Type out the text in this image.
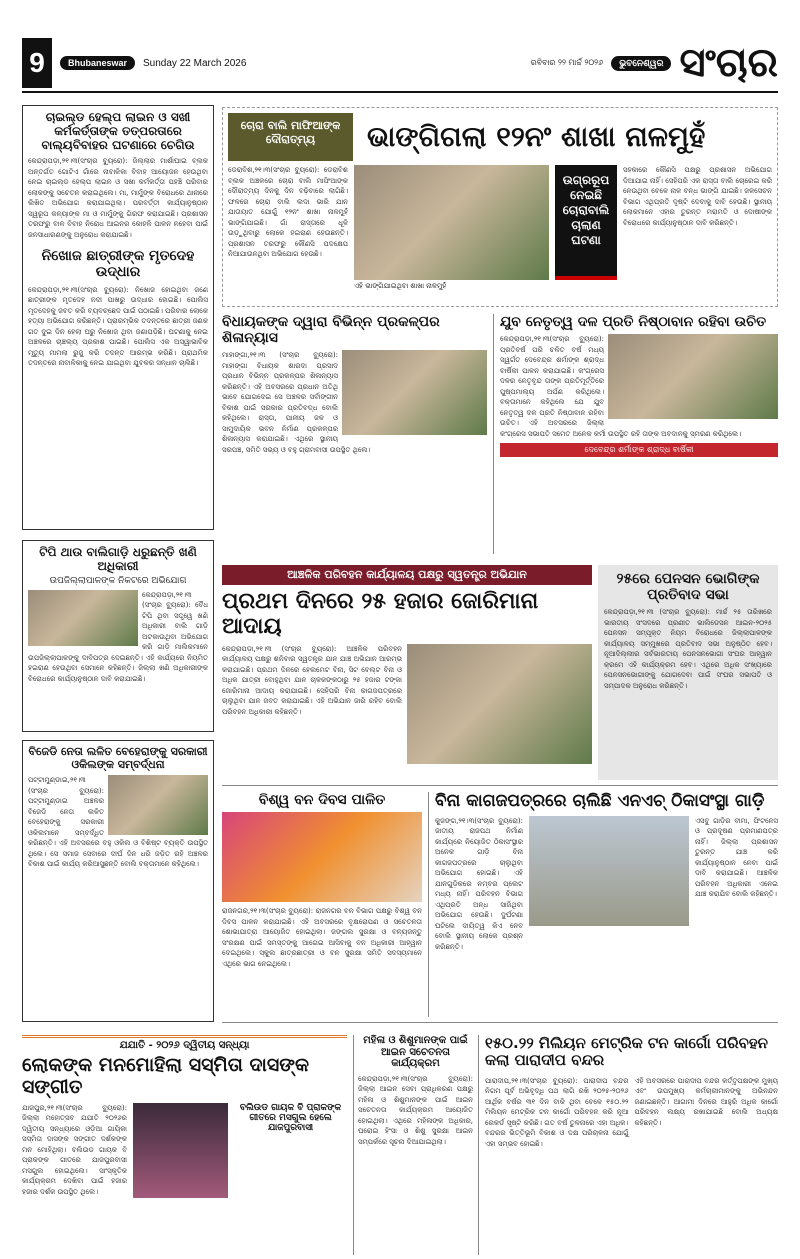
9	Bhubaneswar	Sunday 22 March 2026	ରବିବାର ୨୨ ମାର୍ଚ୍ଚ ୨୦୨୬	ଭୁବନେଶ୍ୱର ସଂଚାର
ଚାଇଲ୍ଡ ହେଲ୍ପ ଲାଇନ ଓ ସଖୀ କର୍ମକର୍ତ୍ତାଙ୍କ ତତ୍ପରତାରେ ବାଲ୍ୟବିବାହର ଘଟଣାରେ ଚେଗିଉ

କେନ୍ଦ୍ରାପଡ଼ା,୨୧।୩(ସଂଚାର ବ୍ୟୁରୋ): ଜିଲ୍ଲାର ମାର୍ଶାଘାଇ ବ୍ଲକ ଅନ୍ତର୍ଗତ ଗୋଟିଏ ଗାଁରେ ନାବାଳିକା ବିବାହ ଆୟୋଜନ ହେଉଥିବା ନେଇ ଚାଇଲ୍ଡ ହେଲ୍ପ ଲାଇନ ଓ ସଖୀ କର୍ମକର୍ତ୍ତା ପହଞ୍ଚି ପରିବାର ଲୋକଙ୍କୁ ସଚେତନ କରାଇଥିଲେ। ମା, ମାମୁଁଙ୍କ ବିରୋଧରେ ଥାନାରେ ଲିଖିତ ଅଭିଯୋଗ କରାଯାଇଥିଲା। ପରବର୍ତ୍ତୀ କାର୍ଯ୍ୟାନୁଷ୍ଠାନ ସ୍ୱରୂପ କନ୍ୟାଙ୍କ ମା ଓ ମାମୁଁଙ୍କୁ ଗିରଫ କରାଯାଇଛି। ପ୍ରଶାସନ ତରଫରୁ ବାଳ ବିବାହ ନିରୋଧ ଆଇନର କୋହଳି ପାଳନ ନହେବା ପାଇଁ ଜନସାଧାରଣଙ୍କୁ ଅନୁରୋଧ କରାଯାଇଛି।

ନିଖୋଜ ଛାତ୍ରୀଙ୍କ ମୃତଦେହ ଉଦ୍ଧାର

କେନ୍ଦ୍ରାପଡ଼ା,୨୧।୩(ସଂଚାର ବ୍ୟୁରୋ): ନିଖୋଜ ହୋଇଥିବା ଜଣେ ଛାତ୍ରୀଙ୍କ ମୃତଦେହ ନଦୀ ପାଖରୁ ଉଦ୍ଧାର ହୋଇଛି। ପୋଲିସ ମୃତଦେହକୁ ଜବତ କରି ବ୍ୟବଚ୍ଛେଦ ପାଇଁ ପଠାଇଛି। ପରିବାର ଲୋକେ ହତ୍ୟା ଅଭିଯୋଗ କରିଛନ୍ତି। ପ୍ରାରମ୍ଭିକ ତଦନ୍ତରେ ଛାତ୍ରୀ ଜଣକ ଗତ ଦୁଇ ଦିନ ହେଲା ଘରୁ ନିଖୋଜ ଥିବା ଜଣାପଡ଼ିଛି। ଘଟଣାକୁ ନେଇ ଅଞ୍ଚଳରେ ଚାଞ୍ଚଲ୍ୟ ପ୍ରକାଶ ପାଇଛି। ପୋଲିସ ଏକ ଅସ୍ୱାଭାବିକ ମୃତ୍ୟୁ ମାମଲା ରୁଜୁ କରି ତଦନ୍ତ ଆରମ୍ଭ କରିଛି। ପ୍ରାଥମିକ ତଦନ୍ତରେ ନାବାଳିକାକୁ ନେଇ ଯାଇଥିବା ଯୁବକର ସନ୍ଧାନ ଚାଲିଛି।

ଟିପି ଥାଉ ବାଲିଗାଡ଼ି ଧରୁଛନ୍ତି ଖଣି ଅଧିକାରୀ
ଉପଜିଲ୍ଲାପାଳଙ୍କ ନିକଟରେ ଅଭିଯୋଗ

କେନ୍ଦ୍ରାପଡ଼ା,୨୧।୩ (ସଂଚାର ବ୍ୟୁରୋ): ବୈଧ ଟିପି ଥିବା ସତ୍ତ୍ୱେ ଖଣି ଅଧିକାରୀ ବାଲି ଗାଡ଼ି ଅଟକାଉଥିବା ଅଭିଯୋଗ କରି ଗାଡ଼ି ମାଲିକମାନେ ଉପଜିଲ୍ଲାପାଳଙ୍କୁ ଦାବିପତ୍ର ଦେଇଛନ୍ତି। ଏହି କାର୍ଯ୍ୟରେ ନିୟମିତ ହଇରାଣ ହେଉଥିବା ସେମାନେ କହିଛନ୍ତି। ଜିଲ୍ଲା ଖଣି ଅଧିକାରୀଙ୍କ ବିରୋଧରେ କାର୍ଯ୍ୟାନୁଷ୍ଠାନ ଦାବି କରାଯାଇଛି।

ବିଜେଡି ନେତା ଲଳିତ ବେହେରାଙ୍କୁ ସରକାରୀ ଓକିଲଙ୍କ ସମ୍ବର୍ଦ୍ଧନା

ପଟ୍ଟାମୁଣ୍ଡାଇ,୨୧।୩ (ସଂଚାର ବ୍ୟୁରୋ): ପଟ୍ଟାମୁଣ୍ଡାଇ ଅଞ୍ଚଳର ବିଜେଡି ନେତା ଲଳିତ ବେହେରାଙ୍କୁ ସରକାରୀ ଓକିଲମାନେ ସମ୍ବର୍ଦ୍ଧିତ କରିଛନ୍ତି। ଏହି ଅବସରରେ ବହୁ ଓକିଲ ଓ ବିଶିଷ୍ଟ ବ୍ୟକ୍ତି ଉପସ୍ଥିତ ଥିଲେ। ସେ ସମାଜ ସେବାରେ ଦୀର୍ଘ ଦିନ ଧରି ଜଡ଼ିତ ରହି ଅଞ୍ଚଳର ବିକାଶ ପାଇଁ କାର୍ଯ୍ୟ କରିଆସୁଛନ୍ତି ବୋଲି ବକ୍ତାମାନେ କହିଥିଲେ।

ଚୋରା ବାଲି ମାଫିଆଙ୍କ ଦୌରାତ୍ମ୍ୟ	ଭାଙ୍ଗିଗଲା ୧୨ନଂ ଶାଖା ନାଳମୁହଁ

ଡେରାବିଶ,୨୧।୩(ସଂଚାର ବ୍ୟୁରୋ): ଡେରାବିଶ ବ୍ଲକ ଅଞ୍ଚଳରେ ଚୋରା ବାଲି ମାଫିଆଙ୍କ ଦୌରାତ୍ମ୍ୟ ଦିନକୁ ଦିନ ବଢ଼ିବାରେ ଲାଗିଛି। ଫଳରେ ଚୋରା ବାଲି ଲଦା ଭାରି ଯାନ ଯାତାୟାତ ଯୋଗୁଁ ୧୨ନଂ ଶାଖା ନାଳମୁହଁ ଭାଙ୍ଗିଯାଇଛି। ଗାଁ ରାସ୍ତାରେ ଧୂଳି ଉଡ଼ୁଥିବାରୁ ଲୋକେ ହଇରାଣ ହେଉଛନ୍ତି। ପ୍ରଶାସନ ତରଫରୁ କୌଣସି ପଦକ୍ଷେପ ନିଆଯାଉନଥିବା ଅଭିଯୋଗ ହେଉଛି।

ଏହି ଭାଙ୍ଗିଯାଇଥିବା ଶାଖା ନାଳମୁହଁ
ଉଗ୍ରରୂପ ନେଇଛି ଚୋରାବାଲି ଚାଲାଣ ଘଟଣା

ସହକାରେ କୌଣସି ପକ୍ଷରୁ ପ୍ରଶାସନ ଅଭିଯୋଗ ଦିଆଯାଇ ନାହିଁ। ସେହିପରି ଏକ ରାସ୍ତା ବାଲି ଚୋରେଇ କରି ନେଉଥିବା ବେଳେ ନାଳ ବନ୍ଧ ଭାଙ୍ଗି ଯାଇଛି। ଜଳସେଚନ ବିଭାଗ ଏଥିପ୍ରତି ଦୃଷ୍ଟି ଦେବାକୁ ଦାବି ହେଉଛି। ସ୍ଥାନୀୟ ଲୋକମାନେ ଏହାର ତୁରନ୍ତ ମରାମତି ଓ ଦୋଷୀଙ୍କ ବିରୋଧରେ କାର୍ଯ୍ୟାନୁଷ୍ଠାନ ଦାବି କରିଛନ୍ତି।

ବିଧାୟକଙ୍କ ଦ୍ୱାରା ବିଭିନ୍ନ ପ୍ରକଳ୍ପର ଶିଳାନ୍ୟାସ

ମାହାଙ୍ଗା,୨୧।୩ (ସଂଚାର ବ୍ୟୁରୋ): ମାହାଙ୍ଗା ବିଧାୟକ ଶାରଦା ପ୍ରସାଦ ପ୍ରଧାନ ବିଭିନ୍ନ ପ୍ରକଳ୍ପର ଶିଳାନ୍ୟାସ କରିଛନ୍ତି। ଏହି ଅବସରରେ ପ୍ରଧାନ ଅତିଥି ଭାବେ ଯୋଗଦେଇ ସେ ଅଞ୍ଚଳର ସର୍ବାଙ୍ଗୀନ ବିକାଶ ପାଇଁ ସରକାର ପ୍ରତିବଦ୍ଧ ବୋଲି କହିଥିଲେ। ରାସ୍ତା, ପାନୀୟ ଜଳ ଓ ସାମୁଦାୟିକ ଭବନ ନିର୍ମାଣ ପ୍ରକଳ୍ପର ଶିଳାନ୍ୟାସ କରାଯାଇଛି। ଏଥିରେ ସ୍ଥାନୀୟ ସରପଞ୍ଚ, ସମିତି ସଭ୍ୟ ଓ ବହୁ ଗ୍ରାମବାସୀ ଉପସ୍ଥିତ ଥିଲେ।

ଯୁବ ନେତୃତ୍ୱ ଦଳ ପ୍ରତି ନିଷ୍ଠାବାନ ରହିବା ଉଚିତ

କେନ୍ଦ୍ରାପଡ଼ା,୨୧।୩(ସଂଚାର ବ୍ୟୁରୋ): ପ୍ରତିବର୍ଷ ପରି ଚଳିତ ବର୍ଷ ମଧ୍ୟ ସ୍ୱର୍ଗତ ଦେବେନ୍ଦ୍ର ଶର୍ମାଙ୍କ ଶ୍ରାଦ୍ଧ ବାର୍ଷିକୀ ପାଳନ କରାଯାଇଛି। କଂଗ୍ରେସ ଦଳର ନେତୃବୃନ୍ଦ ତାଙ୍କ ପ୍ରତିମୂର୍ତ୍ତିରେ ପୁଷ୍ପମାଲ୍ୟ ଅର୍ପଣ କରିଥିଲେ। ବକ୍ତାମାନେ କହିଥିଲେ ଯେ ଯୁବ ନେତୃତ୍ୱ ଦଳ ପ୍ରତି ନିଷ୍ଠାବାନ ରହିବା ଉଚିତ। ଏହି ଅବସରରେ ଜିଲ୍ଲା କଂଗ୍ରେସ ସଭାପତି ସମେତ ଅନେକ କର୍ମୀ ଉପସ୍ଥିତ ରହି ତାଙ୍କ ଅବଦାନକୁ ସ୍ମରଣ କରିଥିଲେ।

ଦେବେନ୍ଦ୍ର ଶର୍ମାଙ୍କ ଶ୍ରାଦ୍ଧ ବାର୍ଷିକୀ
ଆଞ୍ଚଳିକ ପରିବହନ କାର୍ଯ୍ୟାଳୟ ପକ୍ଷରୁ ସ୍ୱତନ୍ତ୍ର ଅଭିଯାନ
ପ୍ରଥମ ଦିନରେ ୨୫ ହଜାର ଜୋରିମାନା ଆଦାୟ

କେନ୍ଦ୍ରାପଡ଼ା,୨୧।୩ (ସଂଚାର ବ୍ୟୁରୋ): ଆଞ୍ଚଳିକ ପରିବହନ କାର୍ଯ୍ୟାଳୟ ପକ୍ଷରୁ ଶନିବାର ସ୍ୱତନ୍ତ୍ର ଯାନ ଯାଞ୍ଚ ଅଭିଯାନ ଆରମ୍ଭ କରାଯାଇଛି। ପ୍ରଥମ ଦିନରେ ହେଲମେଟ ବିନା, ସିଟ ବେଲ୍ଟ ବିନା ଓ ଅଧିକ ଯାତ୍ରୀ ବୋହୁଥିବା ଯାନ ଚାଳକଙ୍କଠାରୁ ୨୫ ହଜାର ଟଙ୍କା ଜୋରିମାନା ଆଦାୟ କରାଯାଇଛି। ସେହିପରି ବିନା କାଗଜପତ୍ରରେ ଚାଲୁଥିବା ଯାନ ଜବତ କରାଯାଇଛି। ଏହି ଅଭିଯାନ ଜାରି ରହିବ ବୋଲି ପରିବହନ ଅଧିକାରୀ କହିଛନ୍ତି।

୨୫ରେ ପେନସନ ଭୋଗିଙ୍କ ପ୍ରତିବାଦ ସଭା

କେନ୍ଦ୍ରାପଡ଼ା,୨୧।୩ (ସଂଚାର ବ୍ୟୁରୋ): ମାର୍ଚ୍ଚ ୨୫ ତାରିଖରେ ଭାରତୀୟ ସଂସଦରେ ପ୍ରଣୀତ ଭାଲିଡେସନ ଆଇନ-୨୦୨୫ ପେନସନ ସମ୍ପୃକ୍ତ ନିୟମ ବିରୋଧରେ ଜିଲ୍ଲାପାଳଙ୍କ କାର୍ଯ୍ୟାଳୟ ସମ୍ମୁଖରେ ପ୍ରତିବାଦ ସଭା ଅନୁଷ୍ଠିତ ହେବ। ନୂଆଦିଲ୍ଲୀର ସର୍ବଭାରତୀୟ ପେନସନଭୋଗୀ ସଂଘର ଆହ୍ୱାନ କ୍ରମେ ଏହି କାର୍ଯ୍ୟକ୍ରମ ହେବ। ଏଥିରେ ଅଧିକ ସଂଖ୍ୟାରେ ପେନସନଭୋଗୀଙ୍କୁ ଯୋଗଦେବା ପାଇଁ ସଂଘର ସଭାପତି ଓ ସମ୍ପାଦକ ଅନୁରୋଧ କରିଛନ୍ତି।

ବିଶ୍ୱ ବନ ଦିବସ ପାଳିତ

ରାଜନଗର,୨୧।୩(ସଂଚାର ବ୍ୟୁରୋ): ରାଜନଗର ବନ ବିଭାଗ ପକ୍ଷରୁ ବିଶ୍ୱ ବନ ଦିବସ ପାଳନ କରାଯାଇଛି। ଏହି ଅବସରରେ ବୃକ୍ଷରୋପଣ ଓ ସଚେତନତା ଶୋଭାଯାତ୍ରା ଆୟୋଜିତ ହୋଇଥିଲା। ଜଙ୍ଗଲ ସୁରକ୍ଷା ଓ ବନ୍ୟଜନ୍ତୁ ସଂରକ୍ଷଣ ପାଇଁ ସମସ୍ତଙ୍କୁ ଆଗେଇ ଆସିବାକୁ ବନ ଅଧିକାରୀ ଆହ୍ୱାନ ଦେଇଥିଲେ। ସ୍କୁଲ ଛାତ୍ରଛାତ୍ରୀ ଓ ବନ ସୁରକ୍ଷା ସମିତି ସଦସ୍ୟମାନେ ଏଥିରେ ଭାଗ ନେଇଥିଲେ।

ବିନା କାଗଜପତ୍ରରେ ଚାଲିଛି ଏନଏଚ୍ ଠିକାସଂସ୍ଥା ଗାଡ଼ି

କୁଜଙ୍ଗ,୨୧।୩(ସଂଚାର ବ୍ୟୁରୋ): ଜାତୀୟ ରାଜପଥ ନିର୍ମାଣ କାର୍ଯ୍ୟରେ ନିୟୋଜିତ ଠିକାସଂସ୍ଥାର ଅନେକ ଗାଡ଼ି ବିନା କାଗଜପତ୍ରରେ ଚାଲୁଥିବା ଅଭିଯୋଗ ହୋଇଛି। ଏହି ଯାନଗୁଡ଼ିକରେ ନମ୍ବର ପ୍ଲେଟ ମଧ୍ୟ ନାହିଁ। ପରିବହନ ବିଭାଗ ଏଥିପ୍ରତି ଅନ୍ଧ ସାଜିଥିବା ଅଭିଯୋଗ ହେଉଛି। ଦୁର୍ଘଟଣା ଘଟିଲେ ଦାୟିତ୍ୱ କିଏ ନେବ ବୋଲି ସ୍ଥାନୀୟ ଲୋକେ ପ୍ରଶ୍ନ କରିଛନ୍ତି।

ଏସବୁ ଗାଡ଼ିର ବୀମା, ଫିଟନେସ ଓ ପ୍ରଦୂଷଣ ପ୍ରମାଣପତ୍ର ନାହିଁ। ଜିଲ୍ଲା ପ୍ରଶାସନ ତୁରନ୍ତ ଯାଞ୍ଚ କରି କାର୍ଯ୍ୟାନୁଷ୍ଠାନ ନେବା ପାଇଁ ଦାବି କରାଯାଇଛି। ଆଞ୍ଚଳିକ ପରିବହନ ଅଧିକାରୀ ଏନେଇ ଯାଞ୍ଚ କରାଯିବ ବୋଲି କହିଛନ୍ତି।

ଯଯାତି - ୨୦୨୬ ଦ୍ୱିତୀୟ ସନ୍ଧ୍ୟା
ଲୋକଙ୍କ ମନମୋହିଲା ସସ୍ମିତା ଦାସଙ୍କ ସଙ୍ଗୀତ

ଯାଜପୁର,୨୧।୩(ସଂଚାର ବ୍ୟୁରୋ): ଜିଲ୍ଲା ମହୋତ୍ସବ ଯଯାତି ୨୦୨୬ର ଦ୍ୱିତୀୟ ସନ୍ଧ୍ୟାରେ ଓଡ଼ିଆ ଗାୟିକା ସସ୍ମିତା ଦାସଙ୍କ ସଙ୍ଗୀତ ଦର୍ଶକଙ୍କ ମନ ମୋହିଥିଲା। ବଲିଉଡ ଗାୟକ ବି ପ୍ରାକଙ୍କ ଗୀତରେ ଯାଜପୁରବାସୀ ମସଗୁଲ ହୋଇଥିଲେ। ସାଂସ୍କୃତିକ କାର୍ଯ୍ୟକ୍ରମ ଦେଖିବା ପାଇଁ ହଜାର ହଜାର ଦର୍ଶକ ଉପସ୍ଥିତ ଥିଲେ।

ବଲିଉଡ ଗାୟକ ବି ପ୍ରାକଙ୍କ ଗୀତରେ ମସଗୁଲ ହେଲେ ଯାଜପୁରବାସୀ
ମହିଳା ଓ ଶିଶୁମାନଙ୍କ ପାଇଁ ଆଇନ ସଚେତନତା କାର୍ଯ୍ୟକ୍ରମ

କେନ୍ଦ୍ରାପଡ଼ା,୨୧।୩(ସଂଚାର ବ୍ୟୁରୋ): ଜିଲ୍ଲା ଆଇନ ସେବା ପ୍ରାଧିକରଣ ପକ୍ଷରୁ ମହିଳା ଓ ଶିଶୁମାନଙ୍କ ପାଇଁ ଆଇନ ସଚେତନତା କାର୍ଯ୍ୟକ୍ରମ ଆୟୋଜିତ ହୋଇଥିଲା। ଏଥିରେ ମହିଳାଙ୍କ ଅଧିକାର, ଘରୋଇ ହିଂସା ଓ ଶିଶୁ ସୁରକ୍ଷା ଆଇନ ସମ୍ପର୍କରେ ସୂଚନା ଦିଆଯାଇଥିଲା।

୧୫୦.୨୨ ମିଲିୟନ ମେଟ୍ରିକ ଟନ କାର୍ଗୋ ପରିବହନ କଲା ପାରାଦୀପ ବନ୍ଦର

ପାରାଦୀପ,୨୧।୩(ସଂଚାର ବ୍ୟୁରୋ): ପାରାଦୀପ ବନ୍ଦର ନିଗମ ପୂର୍ବ ଅଭିବୃଦ୍ଧି ପଥ ଲାଗି ରଖି ୨୦୨୫-୨୦୨୬ ଆର୍ଥିକ ବର୍ଷର ୩୧ ଦିନ ବାକି ଥିବା ବେଳେ ୧୫୦.୨୨ ମିଲିୟନ ମେଟ୍ରିକ ଟନ କାର୍ଗୋ ପରିବହନ କରି ନୂଆ ରେକର୍ଡ ସୃଷ୍ଟି କରିଛି। ଗତ ବର୍ଷ ତୁଳନାରେ ଏହା ଅଧିକ। ବନ୍ଦରର ଭିତ୍ତିଭୂମି ବିକାଶ ଓ ଦକ୍ଷ ପରିଚାଳନା ଯୋଗୁଁ ଏହା ସମ୍ଭବ ହୋଇଛି।

ଏହି ଅବସରରେ ପାରାଦୀପ ବନ୍ଦର କର୍ତ୍ତୃପକ୍ଷଙ୍କ ମୁଖ୍ୟ ଏବଂ ଉପମୁଖ୍ୟ କର୍ମଚାରୀମାନଙ୍କୁ ଅଭିନନ୍ଦନ ଜଣାଇଛନ୍ତି। ଆଗାମୀ ଦିନରେ ଆହୁରି ଅଧିକ କାର୍ଗୋ ପରିବହନ ଲକ୍ଷ୍ୟ ରଖାଯାଇଛି ବୋଲି ଅଧ୍ୟକ୍ଷ କହିଛନ୍ତି।
